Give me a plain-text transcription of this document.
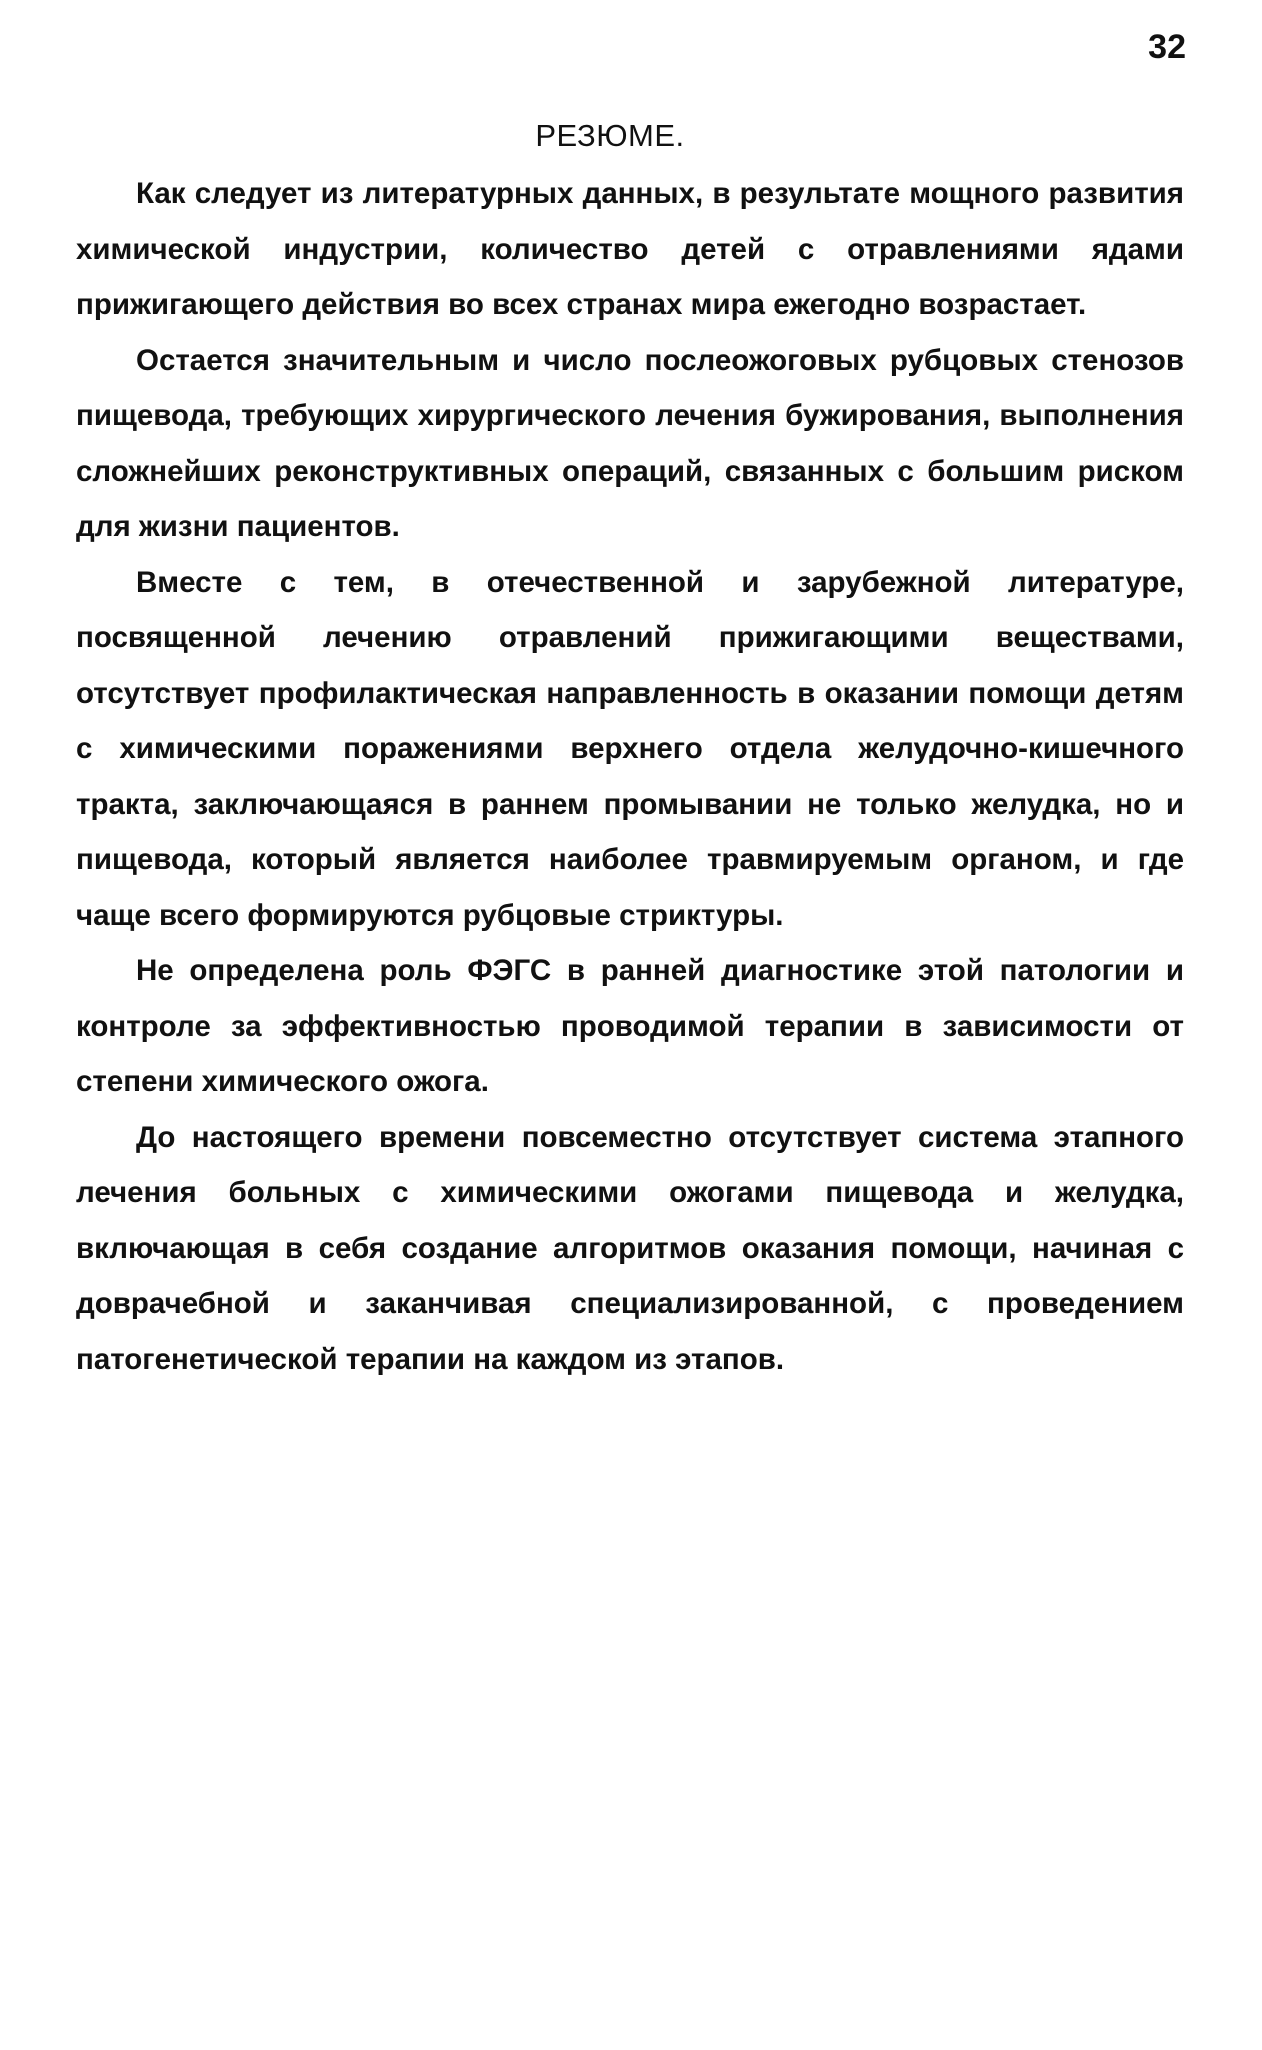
32
РЕЗЮМЕ.

Как следует из литературных данных, в результате мощного развития химической индустрии, количество детей с отравлениями ядами прижигающего действия во всех странах мира ежегодно возрастает.

Остается значительным и число послеожоговых рубцовых стенозов пищевода, требующих хирургического лечения бужирования, выполнения сложнейших реконструктивных операций, связанных с большим риском для жизни пациентов.

Вместе с тем, в отечественной и зарубежной литературе, посвященной лечению отравлений прижигающими веществами, отсутствует профилактическая направленность в оказании помощи детям с химическими поражениями верхнего отдела желудочно-кишечного тракта, заключающаяся в раннем промывании не только желудка, но и пищевода, который является наиболее травмируемым органом, и где чаще всего формируются рубцовые стриктуры.

Не определена роль ФЭГС в ранней диагностике этой патологии и контроле за эффективностью проводимой терапии в зависимости от степени химического ожога.

До настоящего времени повсеместно отсутствует система этапного лечения больных с химическими ожогами пищевода и желудка, включающая в себя создание алгоритмов оказания помощи, начиная с доврачебной и заканчивая специализированной, с проведением патогенетической терапии на каждом из этапов.
